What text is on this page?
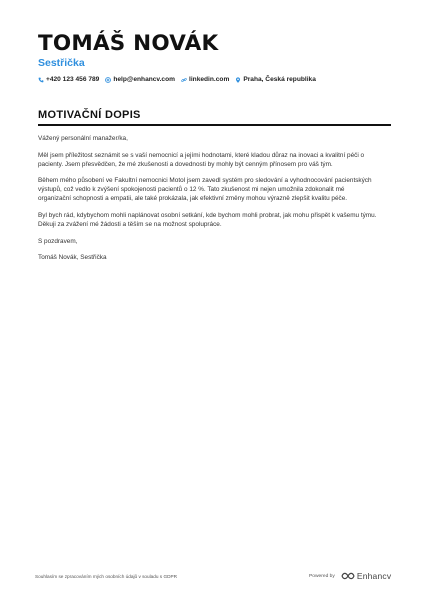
TOMÁŠ NOVÁK
Sestřička
+420 123 456 789 help@enhancv.com linkedin.com Praha, Česká republika
MOTIVAČNÍ DOPIS

Vážený personální manažer/ka,

Měl jsem příležitost seznámit se s vaší nemocnicí a jejími hodnotami, které kladou důraz na inovaci a kvalitní péči o pacienty. Jsem přesvědčen, že mé zkušenosti a dovednosti by mohly být cenným přínosem pro váš tým.

Během mého působení ve Fakultní nemocnici Motol jsem zavedl systém pro sledování a vyhodnocování pacientských výstupů, což vedlo k zvýšení spokojenosti pacientů o 12 %. Tato zkušenost mi nejen umožnila zdokonalit mé organizační schopnosti a empatii, ale také prokázala, jak efektivní změny mohou výrazně zlepšit kvalitu péče.

Byl bych rád, kdybychom mohli naplánovat osobní setkání, kde bychom mohli probrat, jak mohu přispět k vašemu týmu. Děkuji za zvážení mé žádosti a těším se na možnost spolupráce.

S pozdravem,

Tomáš Novák, Sestřička

Souhlasím se zpracováním mých osobních údajů v souladu s GDPR	Powered by	Enhancv
